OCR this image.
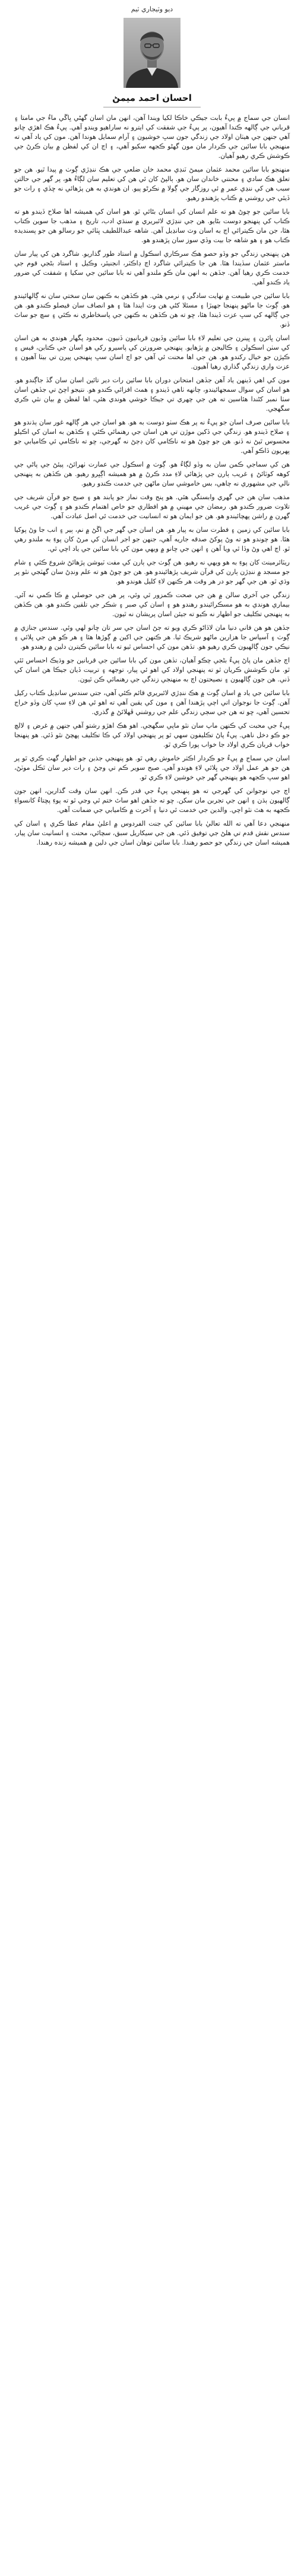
ديو وٽيجاري ٽيم
احسان احمد ميمڻ

انسان جي سماج ۾ پيءُ بابت جيڪي خاڪا لکيا ويندا آهن، انهن مان اسان گهڻي ڀاڱي ماءُ جي مامتا ۽ قرباني جي ڳالهه ڪندا آهيون، پر پيءُ جي شفقت کي ايترو نه ساراهيو ويندو آهي. پيءُ هڪ اهڙي ڇانو آهي جنهن جي هيٺان اولاد جي زندگي جون سڀ خوشيون ۽ آرام سمايل هوندا آهن. مون کي ياد آهي ته منهنجي بابا سائين جي ڪردار مان مون گهڻو ڪجهه سکيو آهي، ۽ اڄ ان کي لفظن ۾ بيان ڪرڻ جي ڪوشش ڪري رهيو آهيان.

منهنجو بابا سائين محمد عثمان ميمڻ ٽنڊي محمد خان ضلعي جي هڪ ننڍڙي ڳوٺ ۾ پيدا ٿيو. هن جو تعلق هڪ سادي ۽ محنتي خاندان سان هو. ٻالپڻ کان ئي هن کي تعليم سان لڳاءُ هو، پر گهر جي حالتن سبب هن کي ننڍي عمر ۾ ئي روزگار جي ڳولا ۾ نڪرڻو پيو. ان هوندي به هن پڙهائي نه ڇڏي ۽ رات جو ڏيئي جي روشني ۾ ڪتاب پڙهندو رهيو.

بابا سائين جو چوڻ هو ته علم انسان کي انسان بڻائي ٿو. هو اسان کي هميشه اها صلاح ڏيندو هو ته ڪتاب کي پنهنجو دوست بڻايو. هن جي ننڍڙي لائبريري ۾ سنڌي ادب، تاريخ ۽ مذهب جا سوين ڪتاب هئا، جن مان ڪيترائي اڄ به اسان وٽ سانڍيل آهن. شاهه عبداللطيف ڀٽائي جو رسالو هن جو پسنديده ڪتاب هو ۽ هو شاهه جا بيت وڏي سوز سان پڙهندو هو.

هن پنهنجي زندگي جو وڏو حصو هڪ سرڪاري اسڪول ۾ استاد طور گذاريو. شاگرد هن کي پيار سان ماستر عثمان سڏيندا هئا. هن جا ڪيترائي شاگرد اڄ ڊاڪٽر، انجنيئر، وڪيل ۽ استاد بڻجي قوم جي خدمت ڪري رهيا آهن. جڏهن به انهن مان ڪو ملندو آهي ته بابا سائين جي سکيا ۽ شفقت کي ضرور ياد ڪندو آهي.

بابا سائين جي طبيعت ۾ نهايت سادگي ۽ نرمي هئي. هو ڪڏهن به ڪنهن سان سختي سان نه ڳالهائيندو هو. ڳوٺ جا ماڻهو پنهنجا جهيڙا ۽ مسئلا کڻي هن وٽ ايندا هئا ۽ هو انصاف سان فيصلو ڪندو هو. هن جي ڳالهه کي سڀ عزت ڏيندا هئا، ڇو ته هن ڪڏهن به ڪنهن جي پاسخاطري نه ڪئي ۽ سچ جو ساٿ ڏنو.

اسان ڀائرن ۽ ڀينرن جي تعليم لاءِ بابا سائين وڏيون قربانيون ڏنيون. محدود پگهار هوندي به هن اسان کي سٺن اسڪولن ۽ ڪاليجن ۾ پڙهايو. پنهنجي ضرورتن کي پاسيرو رکي هو اسان جي ڪتابن، فيس ۽ ڪپڙن جو خيال رکندو هو. هن جي اها محنت ئي آهي جو اڄ اسان سڀ پنهنجي پيرن تي بيٺا آهيون ۽ عزت واري زندگي گذاري رهيا آهيون.

مون کي اهي ڏينهن ياد آهن جڏهن امتحانن دوران بابا سائين رات دير تائين اسان سان گڏ جاڳندو هو. هو اسان کي سوال سمجهائيندو، چانهه ٺاهي ڏيندو ۽ همٿ افزائي ڪندو هو. نتيجو اچڻ تي جڏهن اسان سٺا نمبر کڻندا هئاسين ته هن جي چهري تي جيڪا خوشي هوندي هئي، اها لفظن ۾ بيان نٿي ڪري سگهجي.

بابا سائين صرف اسان جو پيءُ نه پر هڪ سٺو دوست به هو. هو اسان جي هر ڳالهه غور سان ٻڌندو هو ۽ صلاح ڏيندو هو. زندگي جي ڏکين موڙن تي هن اسان جي رهنمائي ڪئي ۽ ڪڏهن به اسان کي اڪيلو محسوس ٿيڻ نه ڏنو. هن جو چوڻ هو ته ناڪامي کان ڊڄڻ نه گهرجي، ڇو ته ناڪامي ئي ڪاميابي جو پهريون ڏاڪو آهي.

هن کي سماجي ڪمن سان به وڏو لڳاءُ هو. ڳوٺ ۾ اسڪول جي عمارت ٺهرائڻ، پيئڻ جي پاڻي جي کوهه کوٽائڻ ۽ غريب ٻارن جي پڙهائي لاءِ مدد ڪرڻ ۾ هو هميشه اڳڀرو رهيو. هن ڪڏهن به پنهنجي نالي جي مشهوري نه چاهي، بس خاموشي سان ماڻهن جي خدمت ڪندو رهيو.

مذهب سان هن جي گهري وابستگي هئي. هو پنج وقت نماز جو پابند هو ۽ صبح جو قرآن شريف جي تلاوت ضرور ڪندو هو. رمضان جي مهيني ۾ هو افطاري جو خاص اهتمام ڪندو هو ۽ ڳوٺ جي غريب گهرن ۾ راشن پهچائيندو هو. هن جو ايمان هو ته انسانيت جي خدمت ئي اصل عبادت آهي.

بابا سائين کي زمين ۽ فطرت سان به پيار هو. هن اسان جي گهر جي اڱڻ ۾ نم، ٻير ۽ انب جا وڻ پوکيا هئا. هو چوندو هو ته وڻ پوکڻ صدقه جاريه آهي، جنهن جو اجر انسان کي مرڻ کان پوءِ به ملندو رهي ٿو. اڄ اهي وڻ وڏا ٿي ويا آهن ۽ انهن جي ڇانو ۾ ويهي مون کي بابا سائين جي ياد اچي ٿي.

ريٽائرمينٽ کان پوءِ به هو ويهي نه رهيو. هن ڳوٺ جي ٻارن کي مفت ٽيوشن پڙهائڻ شروع ڪئي ۽ شام جو مسجد ۾ ننڍڙن ٻارن کي قرآن شريف پڙهائيندو هو. هن جو چوڻ هو ته علم ونڊڻ سان گهٽجي نٿو پر وڌي ٿو. هن جي گهر جو در هر وقت هر ڪنهن لاءِ کليل هوندو هو.

زندگي جي آخري سالن ۾ هن جي صحت ڪمزور ٿي وئي، پر هن جي حوصلي ۾ ڪا ڪمي نه آئي. بيماري هوندي به هو مسڪرائيندو رهندو هو ۽ اسان کي صبر ۽ شڪر جي تلقين ڪندو هو. هن ڪڏهن به پنهنجي تڪليف جو اظهار نه ڪيو ته جيئن اسان پريشان نه ٿيون.

جڏهن هو هن فاني دنيا مان لاڏاڻو ڪري ويو ته ڄڻ اسان جي سر تان ڇانو لهي وئي. سندس جنازي ۾ ڳوٺ ۽ آسپاس جا هزارين ماڻهو شريڪ ٿيا. هر ڪنهن جي اکين ۾ ڳوڙها هئا ۽ هر ڪو هن جي ڀلائي ۽ نيڪي جون ڳالهيون ڪري رهيو هو. تڏهن مون کي احساس ٿيو ته بابا سائين ڪيترن دلين ۾ رهندو هو.

اڄ جڏهن مان پاڻ پيءُ بڻجي چڪو آهيان، تڏهن مون کي بابا سائين جي قربانين جو وڌيڪ احساس ٿئي ٿو. مان ڪوشش ڪريان ٿو ته پنهنجي اولاد کي اهو ئي پيار، توجهه ۽ تربيت ڏيان جيڪا هن اسان کي ڏني. هن جون ڳالهيون ۽ نصيحتون اڄ به منهنجي زندگي جي رهنمائي ڪن ٿيون.

بابا سائين جي ياد ۾ اسان ڳوٺ ۾ هڪ ننڍڙي لائبريري قائم ڪئي آهي، جتي سندس سانڍيل ڪتاب رکيل آهن. ڳوٺ جا نوجوان اتي اچي پڙهندا آهن ۽ مون کي يقين آهي ته اهو ئي هن لاءِ سڀ کان وڏو خراج تحسين آهي، ڇو ته هن جي سڄي زندگي علم جي روشني ڦهلائڻ ۾ گذري.

پيءُ جي محبت کي ڪنهن ماپ سان نٿو ماپي سگهجي. اهو هڪ اهڙو رشتو آهي جنهن ۾ غرض ۽ لالچ جو ڪو دخل ناهي. پيءُ پاڻ تڪليفون سهي ٿو پر پنهنجي اولاد کي ڪا تڪليف پهچڻ نٿو ڏئي. هو پنهنجا خواب قربان ڪري اولاد جا خواب پورا ڪري ٿو.

اسان جي سماج ۾ پيءُ جو ڪردار اڪثر خاموش رهي ٿو. هو پنهنجي جذبن جو اظهار گهٽ ڪري ٿو پر هن جو هر عمل اولاد جي ڀلائي لاءِ هوندو آهي. صبح سوير ڪم تي وڃڻ ۽ رات دير سان ٿڪل موٽڻ، اهو سڀ ڪجهه هو پنهنجي گهر جي خوشين لاءِ ڪري ٿو.

اڄ جي نوجوانن کي گهرجي ته هو پنهنجي پيءُ جي قدر ڪن. انهن سان وقت گذارين، انهن جون ڳالهيون ٻڌن ۽ انهن جي تجربن مان سکن. ڇو ته جڏهن اهو ساٿ ختم ٿي وڃي ٿو ته پوءِ پڇتاءُ کانسواءِ ڪجهه به هٿ نٿو اچي. والدين جي خدمت ئي دنيا ۽ آخرت ۾ ڪاميابي جي ضمانت آهي.

منهنجي دعا آهي ته الله تعاليٰ بابا سائين کي جنت الفردوس ۾ اعليٰ مقام عطا ڪري ۽ اسان کي سندس نقش قدم تي هلڻ جي توفيق ڏئي. هن جي سيکاريل سبق، سچائي، محنت ۽ انسانيت سان پيار، هميشه اسان جي زندگي جو حصو رهندا. بابا سائين توهان اسان جي دلين ۾ هميشه زنده رهندا.
